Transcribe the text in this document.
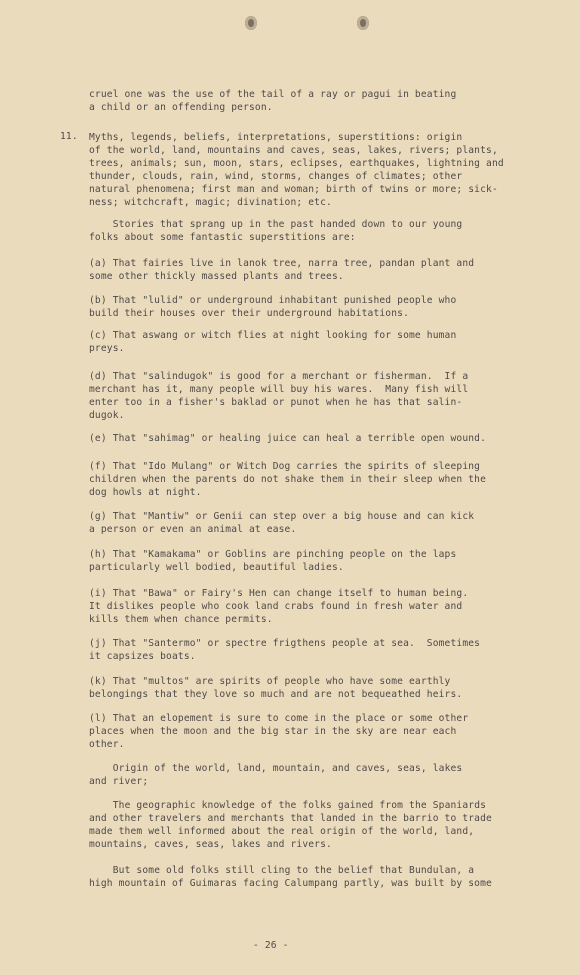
cruel one was the use of the tail of a ray or pagui in beating
a child or an offending person.

11. Myths, legends, beliefs, interpretations, superstitions: origin
of the world, land, mountains and caves, seas, lakes, rivers; plants,
trees, animals; sun, moon, stars, eclipses, earthquakes, lightning and
thunder, clouds, rain, wind, storms, changes of climates; other
natural phenomena; first man and woman; birth of twins or more; sick-
ness; witchcraft, magic; divination; etc.

Stories that sprang up in the past handed down to our young
folks about some fantastic superstitions are:

(a) That fairies live in lanok tree, narra tree, pandan plant and
some other thickly massed plants and trees.

(b) That "lulid" or underground inhabitant punished people who
build their houses over their underground habitations.

(c) That aswang or witch flies at night looking for some human
preys.

(d) That "salindugok" is good for a merchant or fisherman.  If a
merchant has it, many people will buy his wares.  Many fish will
enter too in a fisher's baklad or punot when he has that salin-
dugok.

(e) That "sahimag" or healing juice can heal a terrible open wound.

(f) That "Ido Mulang" or Witch Dog carries the spirits of sleeping
children when the parents do not shake them in their sleep when the
dog howls at night.

(g) That "Mantiw" or Genii can step over a big house and can kick
a person or even an animal at ease.

(h) That "Kamakama" or Goblins are pinching people on the laps
particularly well bodied, beautiful ladies.

(i) That "Bawa" or Fairy's Hen can change itself to human being.
It dislikes people who cook land crabs found in fresh water and
kills them when chance permits.

(j) That "Santermo" or spectre frigthens people at sea.  Sometimes
it capsizes boats.

(k) That "multos" are spirits of people who have some earthly
belongings that they love so much and are not bequeathed heirs.

(l) That an elopement is sure to come in the place or some other
places when the moon and the big star in the sky are near each
other.

Origin of the world, land, mountain, and caves, seas, lakes
and river;

The geographic knowledge of the folks gained from the Spaniards
and other travelers and merchants that landed in the barrio to trade
made them well informed about the real origin of the world, land,
mountains, caves, seas, lakes and rivers.

But some old folks still cling to the belief that Bundulan, a
high mountain of Guimaras facing Calumpang partly, was built by some

- 26 -
